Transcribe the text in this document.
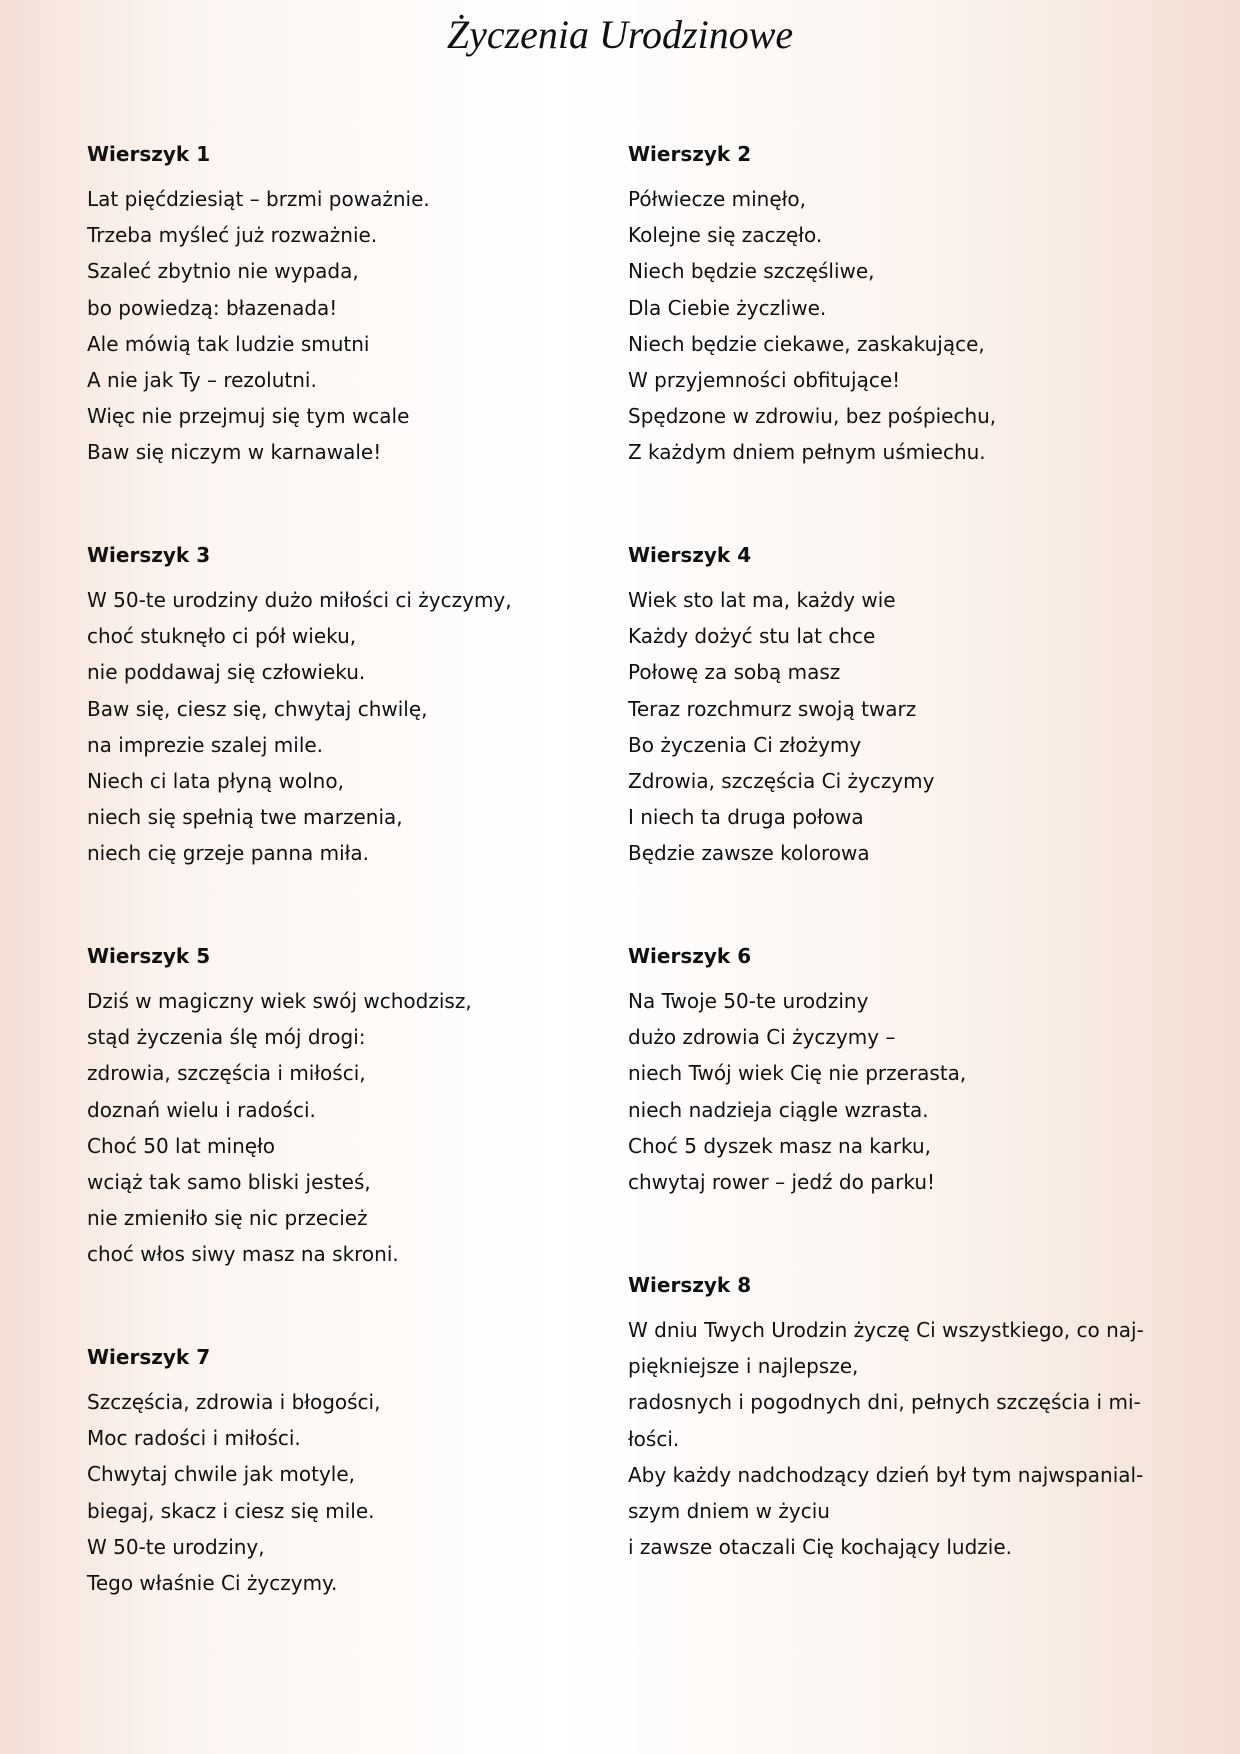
Życzenia Urodzinowe
Wierszyk 1
Lat pięćdziesiąt – brzmi poważnie.
Trzeba myśleć już rozważnie.
Szaleć zbytnio nie wypada,
bo powiedzą: błazenada!
Ale mówią tak ludzie smutni
A nie jak Ty – rezolutni.
Więc nie przejmuj się tym wcale
Baw się niczym w karnawale!
Wierszyk 2
Półwiecze minęło,
Kolejne się zaczęło.
Niech będzie szczęśliwe,
Dla Ciebie życzliwe.
Niech będzie ciekawe, zaskakujące,
W przyjemności obfitujące!
Spędzone w zdrowiu, bez pośpiechu,
Z każdym dniem pełnym uśmiechu.
Wierszyk 3
W 50-te urodziny dużo miłości ci życzymy,
choć stuknęło ci pół wieku,
nie poddawaj się człowieku.
Baw się, ciesz się, chwytaj chwilę,
na imprezie szalej mile.
Niech ci lata płyną wolno,
niech się spełnią twe marzenia,
niech cię grzeje panna miła.
Wierszyk 4
Wiek sto lat ma, każdy wie
Każdy dożyć stu lat chce
Połowę za sobą masz
Teraz rozchmurz swoją twarz
Bo życzenia Ci złożymy
Zdrowia, szczęścia Ci życzymy
I niech ta druga połowa
Będzie zawsze kolorowa
Wierszyk 5
Dziś w magiczny wiek swój wchodzisz,
stąd życzenia ślę mój drogi:
zdrowia, szczęścia i miłości,
doznań wielu i radości.
Choć 50 lat minęło
wciąż tak samo bliski jesteś,
nie zmieniło się nic przecież
choć włos siwy masz na skroni.
Wierszyk 6
Na Twoje 50-te urodziny
dużo zdrowia Ci życzymy –
niech Twój wiek Cię nie przerasta,
niech nadzieja ciągle wzrasta.
Choć 5 dyszek masz na karku,
chwytaj rower – jedź do parku!
Wierszyk 7
Szczęścia, zdrowia i błogości,
Moc radości i miłości.
Chwytaj chwile jak motyle,
biegaj, skacz i ciesz się mile.
W 50-te urodziny,
Tego właśnie Ci życzymy.
Wierszyk 8
W dniu Twych Urodzin życzę Ci wszystkiego, co naj-
piękniejsze i najlepsze,
radosnych i pogodnych dni, pełnych szczęścia i mi-
łości.
Aby każdy nadchodzący dzień był tym najwspanial-
szym dniem w życiu
i zawsze otaczali Cię kochający ludzie.
